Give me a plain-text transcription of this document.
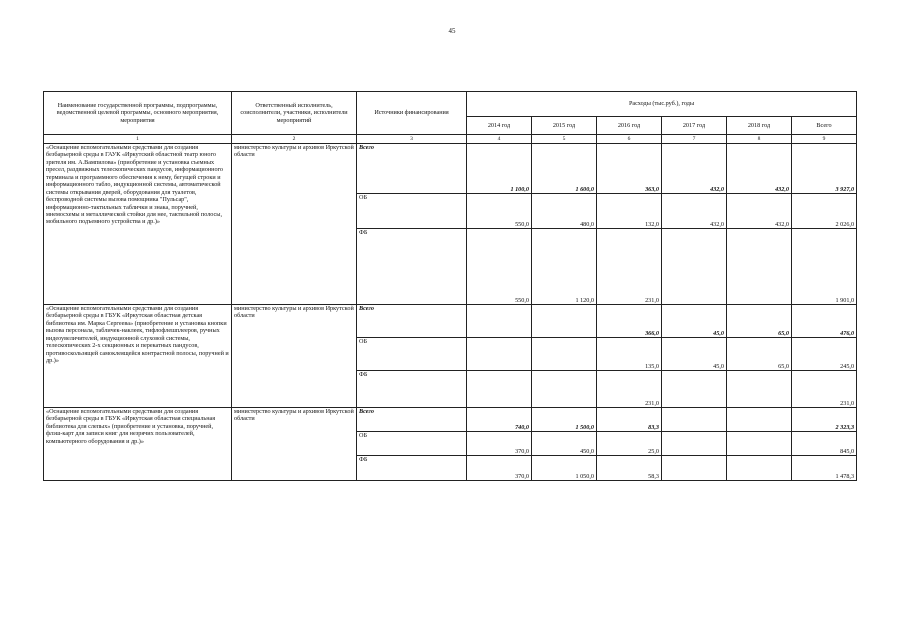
45
Наименование государственной программы, подпрограммы, ведомственной целевой программы, основного мероприятия, мероприятия	Ответственный исполнитель, соисполнители, участники, исполнители мероприятий	Источники финансирования	Расходы (тыс.руб.), годы					
			2014 год	2015 год	2016 год	2017 год	2018 год	Всего
1	2	3	4	5	6	7	8	9
«Оснащение вспомогательными средствами для создания безбарьерной среды в ГАУК «Иркутский областной театр юного зрителя им. А.Вампилова» (приобретение и установка съемных пресел, раздвижных телескопических пандусов, информационного терминала и программного обеспечения к нему, бегущей строки и информационного табло, индукционной системы, автоматической системы открывания дверей, оборудования для туалетов, беспроводной системы вызова помощника "Пульсар", информационно-тактильных таблички и знака, поручней, мнемосхемы и металлической стойки для нее, тактильной полосы, мобильного подъемного устройства и др.)»	министерство культуры и архивов Иркутской области	Всего	1 100,0	1 600,0	363,0	432,0	432,0	3 927,0
		ОБ	550,0	480,0	132,0	432,0	432,0	2 026,0
		ФБ	550,0	1 120,0	231,0			1 901,0
«Оснащение вспомогательными средствами для создания безбарьерной среды в ГБУК «Иркутская областная детская библиотека им. Марка Сергеева» (приобретение и установка кнопки вызова персонала, табличек-наклеек, тифлофлешплееров, ручных видеоувеличителей, индукционной слуховой системы, телескопических 2-х секционных и перекатных пандусов, противоскользящей самоклеящейся контрастной полосы, поручней и др.)»	министерство культуры и архивов Иркутской области	Всего			366,0	45,0	65,0	476,0
		ОБ			135,0	45,0	65,0	245,0
		ФБ			231,0			231,0
«Оснащение вспомогательными средствами для создания безбарьерной среды в ГБУК «Иркутская областная специальная библиотека для слепых» (приобретение и установка, поручней, флэш-карт для записи книг для незрячих пользователей, компьютерного оборудования и др.)»	министерство культуры и архивов Иркутской области	Всего	740,0	1 500,0	83,3			2 323,3
		ОБ	370,0	450,0	25,0			845,0
		ФБ	370,0	1 050,0	58,3			1 478,3
